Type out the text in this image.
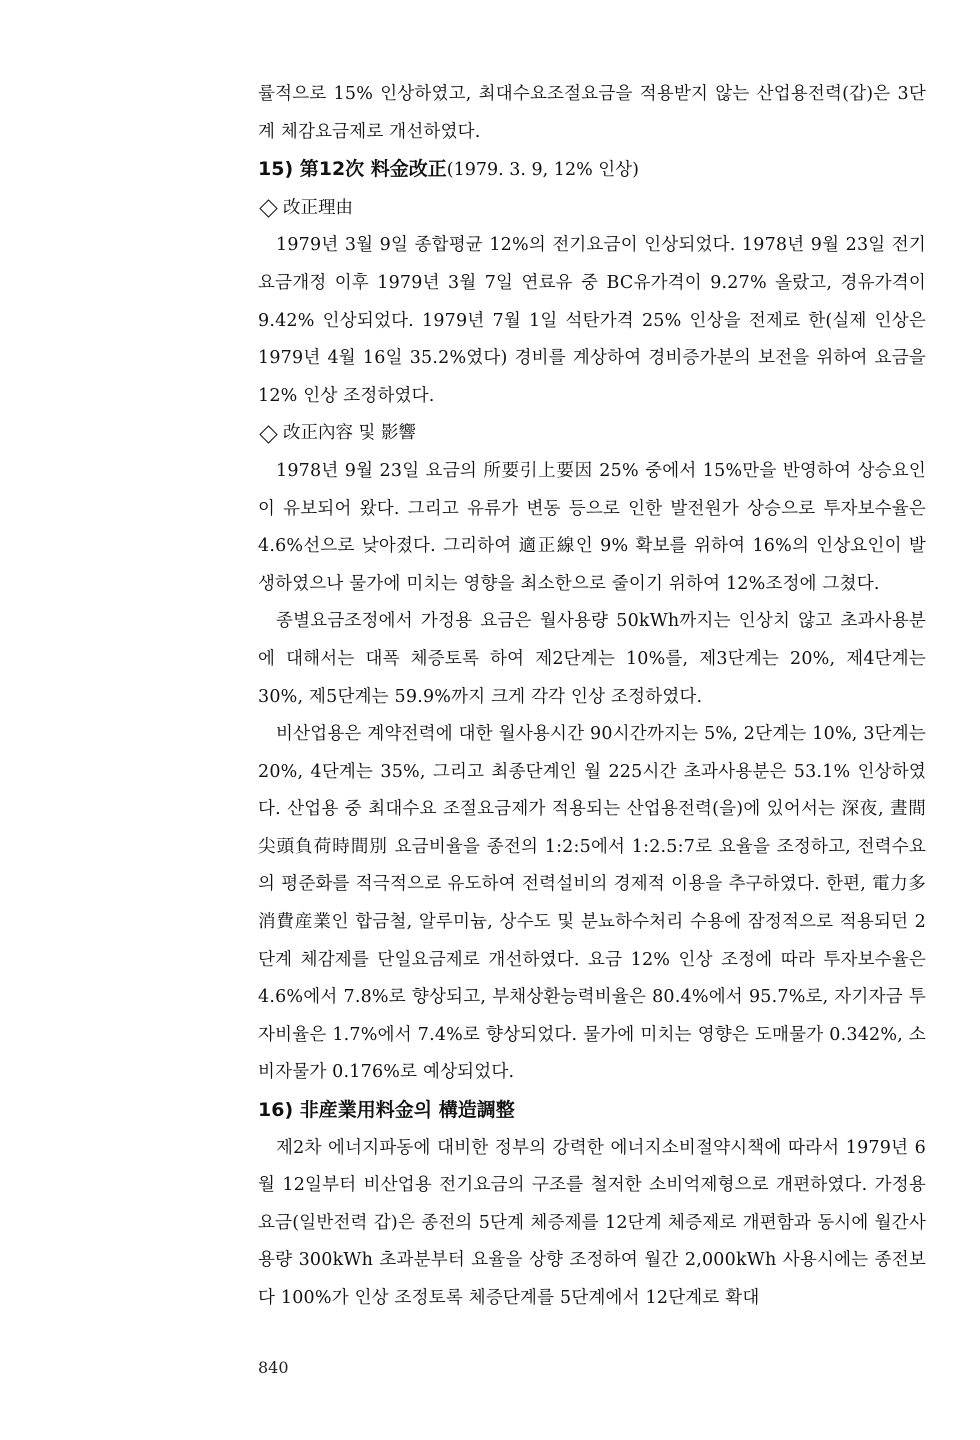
률적으로 15% 인상하였고, 최대수요조절요금을 적용받지 않는 산업용전력(갑)은 3단계 체감요금제로 개선하였다.

15) 第12次 料金改正(1979. 3. 9, 12% 인상)

改正理由

1979년 3월 9일 종합평균 12%의 전기요금이 인상되었다. 1978년 9월 23일 전기요금개정 이후 1979년 3월 7일 연료유 중 BC유가격이 9.27% 올랐고, 경유가격이 9.42% 인상되었다. 1979년 7월 1일 석탄가격 25% 인상을 전제로 한(실제 인상은 1979년 4월 16일 35.2%였다) 경비를 계상하여 경비증가분의 보전을 위하여 요금을 12% 인상 조정하였다.

改正內容 및 影響

1978년 9월 23일 요금의 所要引上要因 25% 중에서 15%만을 반영하여 상승요인이 유보되어 왔다. 그리고 유류가 변동 등으로 인한 발전원가 상승으로 투자보수율은 4.6%선으로 낮아졌다. 그리하여 適正線인 9% 확보를 위하여 16%의 인상요인이 발생하였으나 물가에 미치는 영향을 최소한으로 줄이기 위하여 12%조정에 그쳤다.

종별요금조정에서 가정용 요금은 월사용량 50kWh까지는 인상치 않고 초과사용분에 대해서는 대폭 체증토록 하여 제2단계는 10%를, 제3단계는 20%, 제4단계는 30%, 제5단계는 59.9%까지 크게 각각 인상 조정하였다.

비산업용은 계약전력에 대한 월사용시간 90시간까지는 5%, 2단계는 10%, 3단계는 20%, 4단계는 35%, 그리고 최종단계인 월 225시간 초과사용분은 53.1% 인상하였다. 산업용 중 최대수요 조절요금제가 적용되는 산업용전력(을)에 있어서는 深夜, 晝間 尖頭負荷時間別 요금비율을 종전의 1:2:5에서 1:2.5:7로 요율을 조정하고, 전력수요의 평준화를 적극적으로 유도하여 전력설비의 경제적 이용을 추구하였다. 한편, 電力多消費産業인 합금철, 알루미늄, 상수도 및 분뇨하수처리 수용에 잠정적으로 적용되던 2단계 체감제를 단일요금제로 개선하였다. 요금 12% 인상 조정에 따라 투자보수율은 4.6%에서 7.8%로 향상되고, 부채상환능력비율은 80.4%에서 95.7%로, 자기자금 투자비율은 1.7%에서 7.4%로 향상되었다. 물가에 미치는 영향은 도매물가 0.342%, 소비자물가 0.176%로 예상되었다.

16) 非産業用料金의 構造調整

제2차 에너지파동에 대비한 정부의 강력한 에너지소비절약시책에 따라서 1979년 6월 12일부터 비산업용 전기요금의 구조를 철저한 소비억제형으로 개편하였다. 가정용요금(일반전력 갑)은 종전의 5단계 체증제를 12단계 체증제로 개편함과 동시에 월간사용량 300kWh 초과분부터 요율을 상향 조정하여 월간 2,000kWh 사용시에는 종전보다 100%가 인상 조정토록 체증단계를 5단계에서 12단계로 확대

840
